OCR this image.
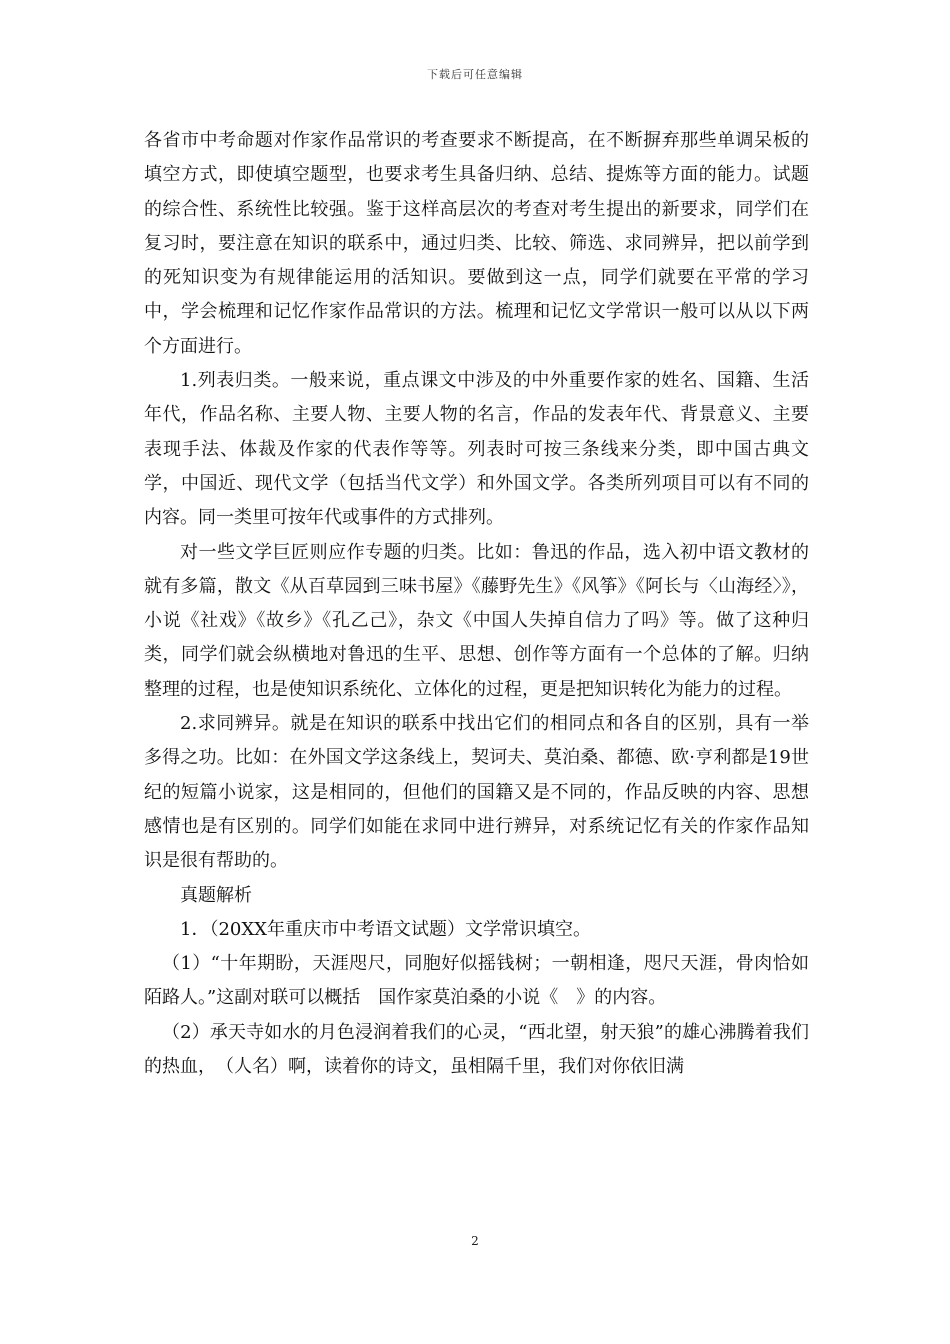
下载后可任意编辑

各省市中考命题对作家作品常识的考查要求不断提高，在不断摒弃那些单调呆板的填空方式，即使填空题型，也要求考生具备归纳、总结、提炼等方面的能力。试题的综合性、系统性比较强。鉴于这样高层次的考查对考生提出的新要求，同学们在复习时，要注意在知识的联系中，通过归类、比较、筛选、求同辨异，把以前学到的死知识变为有规律能运用的活知识。要做到这一点，同学们就要在平常的学习中，学会梳理和记忆作家作品常识的方法。梳理和记忆文学常识一般可以从以下两个方面进行。

1.列表归类。一般来说，重点课文中涉及的中外重要作家的姓名、国籍、生活年代，作品名称、主要人物、主要人物的名言，作品的发表年代、背景意义、主要表现手法、体裁及作家的代表作等等。列表时可按三条线来分类，即中国古典文学，中国近、现代文学（包括当代文学）和外国文学。各类所列项目可以有不同的内容。同一类里可按年代或事件的方式排列。

对一些文学巨匠则应作专题的归类。比如：鲁迅的作品，选入初中语文教材的就有多篇，散文《从百草园到三味书屋》《藤野先生》《风筝》《阿长与〈山海经〉》，小说《社戏》《故乡》《孔乙己》，杂文《中国人失掉自信力了吗》等。做了这种归类，同学们就会纵横地对鲁迅的生平、思想、创作等方面有一个总体的了解。归纳整理的过程，也是使知识系统化、立体化的过程，更是把知识转化为能力的过程。

2.求同辨异。就是在知识的联系中找出它们的相同点和各自的区别，具有一举多得之功。比如：在外国文学这条线上，契诃夫、莫泊桑、都德、欧·亨利都是19世纪的短篇小说家，这是相同的，但他们的国籍又是不同的，作品反映的内容、思想感情也是有区别的。同学们如能在求同中进行辨异，对系统记忆有关的作家作品知识是很有帮助的。

真题解析

1．（20XX年重庆市中考语文试题）文学常识填空。

（1）“十年期盼，天涯咫尺，同胞好似摇钱树；一朝相逢，咫尺天涯，骨肉恰如陌路人。”这副对联可以概括　国作家莫泊桑的小说《　》的内容。

（2）承天寺如水的月色浸润着我们的心灵，“西北望，射天狼”的雄心沸腾着我们的热血，　（人名）啊，读着你的诗文，虽相隔千里，我们对你依旧满

2
